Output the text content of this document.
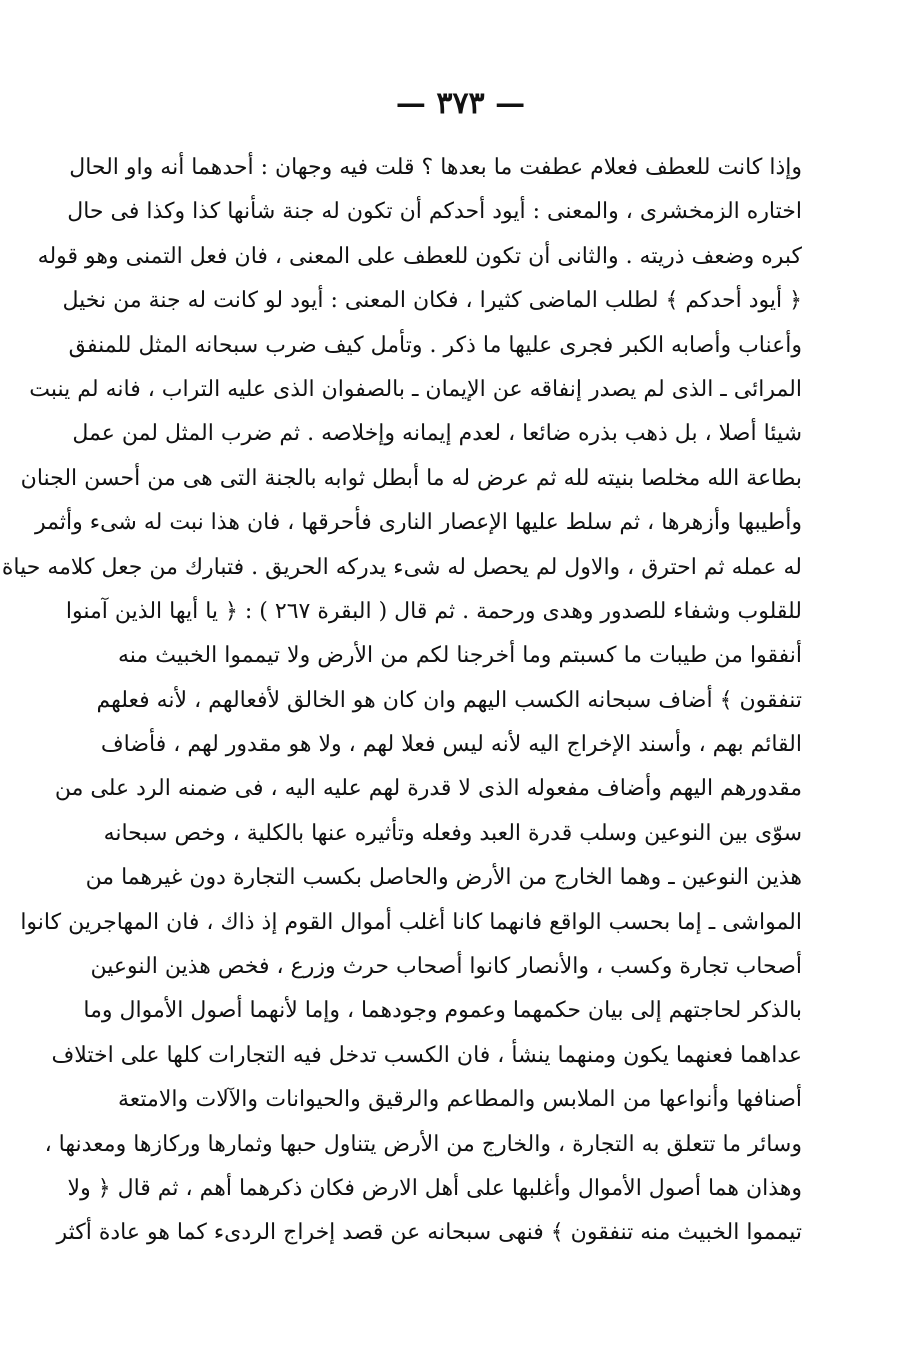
— ٣٧٣ —
وإذا كانت للعطف فعلام عطفت ما بعدها ؟ قلت فيه وجهان : أحدهما أنه واو الحال
اختاره الزمخشرى ، والمعنى : أيود أحدكم أن تكون له جنة شأنها كذا وكذا فى حال
كبره وضعف ذريته . والثانى أن تكون للعطف على المعنى ، فان فعل التمنى وهو قوله
﴿ أيود أحدكم ﴾ لطلب الماضى كثيرا ، فكان المعنى : أيود لو كانت له جنة من نخيل
وأعناب وأصابه الكبر فجرى عليها ما ذكر . وتأمل كيف ضرب سبحانه المثل للمنفق
المرائى ـ الذى لم يصدر إنفاقه عن الإيمان ـ بالصفوان الذى عليه التراب ، فانه لم ينبت
شيئا أصلا ، بل ذهب بذره ضائعا ، لعدم إيمانه وإخلاصه . ثم ضرب المثل لمن عمل
بطاعة الله مخلصا بنيته لله ثم عرض له ما أبطل ثوابه بالجنة التى هى من أحسن الجنان
وأطيبها وأزهرها ، ثم سلط عليها الإعصار النارى فأحرقها ، فان هذا نبت له شىء وأثمر
له عمله ثم احترق ، والاول لم يحصل له شىء يدركه الحريق . فتبارك من جعل كلامه حياة
للقلوب وشفاء للصدور وهدى ورحمة . ثم قال ( البقرة ٢٦٧ ) : ﴿ يا أيها الذين آمنوا
أنفقوا من طيبات ما كسبتم وما أخرجنا لكم من الأرض ولا تيمموا الخبيث منه
تنفقون ﴾ أضاف سبحانه الكسب اليهم وان كان هو الخالق لأفعالهم ، لأنه فعلهم
القائم بهم ، وأسند الإخراج اليه لأنه ليس فعلا لهم ، ولا هو مقدور لهم ، فأضاف
مقدورهم اليهم وأضاف مفعوله الذى لا قدرة لهم عليه اليه ، فى ضمنه الرد على من
سوّى بين النوعين وسلب قدرة العبد وفعله وتأثيره عنها بالكلية ، وخص سبحانه
هذين النوعين ـ وهما الخارج من الأرض والحاصل بكسب التجارة دون غيرهما من
المواشى ـ إما بحسب الواقع فانهما كانا أغلب أموال القوم إذ ذاك ، فان المهاجرين كانوا
أصحاب تجارة وكسب ، والأنصار كانوا أصحاب حرث وزرع ، فخص هذين النوعين
بالذكر لحاجتهم إلى بيان حكمهما وعموم وجودهما ، وإما لأنهما أصول الأموال وما
عداهما فعنهما يكون ومنهما ينشأ ، فان الكسب تدخل فيه التجارات كلها على اختلاف
أصنافها وأنواعها من الملابس والمطاعم والرقيق والحيوانات والآلات والامتعة
وسائر ما تتعلق به التجارة ، والخارج من الأرض يتناول حبها وثمارها وركازها ومعدنها ،
وهذان هما أصول الأموال وأغلبها على أهل الارض فكان ذكرهما أهم ، ثم قال ﴿ ولا
تيمموا الخبيث منه تنفقون ﴾ فنهى سبحانه عن قصد إخراج الردىء كما هو عادة أكثر
